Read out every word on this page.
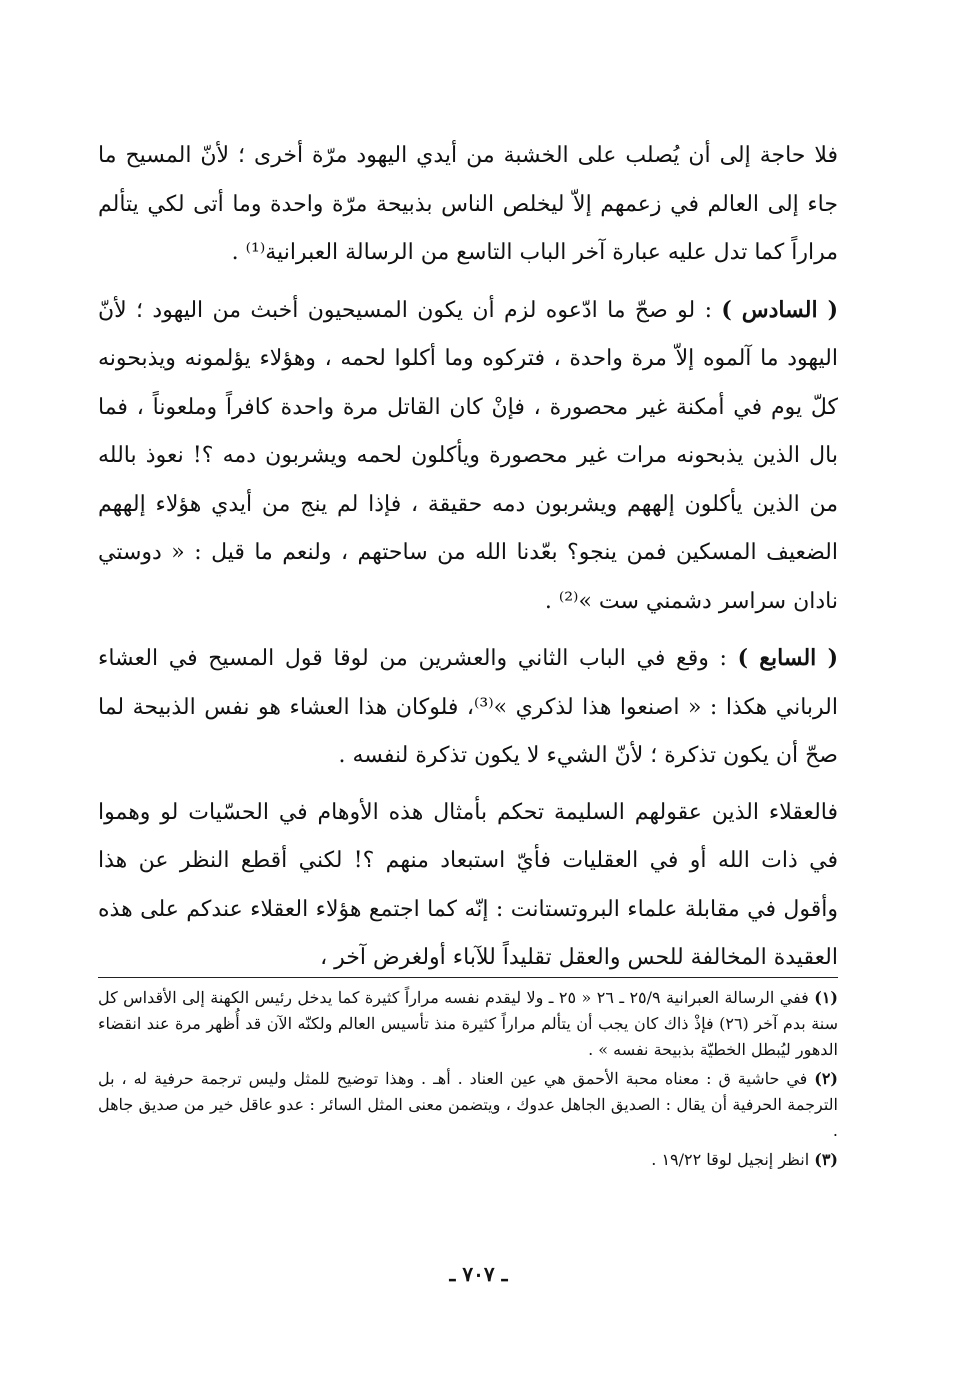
فلا حاجة إلى أن يُصلب على الخشبة من أيدي اليهود مرّة أخرى ؛ لأنّ المسيح ما جاء إلى العالم في زعمهم إلاّ ليخلص الناس بذبيحة مرّة واحدة وما أتى لكي يتألم مراراً كما تدل عليه عبارة آخر الباب التاسع من الرسالة العبرانية⁽¹⁾ .

( السادس ) : لو صحّ ما ادّعوه لزم أن يكون المسيحيون أخبث من اليهود ؛ لأنّ اليهود ما آلموه إلاّ مرة واحدة ، فتركوه وما أكلوا لحمه ، وهؤلاء يؤلمونه ويذبحونه كلّ يوم في أمكنة غير محصورة ، فإنْ كان القاتل مرة واحدة كافراً وملعوناً ، فما بال الذين يذبحونه مرات غير محصورة ويأكلون لحمه ويشربون دمه ؟! نعوذ بالله من الذين يأكلون إلههم ويشربون دمه حقيقة ، فإذا لم ينج من أيدي هؤلاء إلههم الضعيف المسكين فمن ينجو؟ بعّدنا الله من ساحتهم ، ولنعم ما قيل : « دوستي نادان سراسر دشمني ست »⁽²⁾ .

( السابع ) : وقع في الباب الثاني والعشرين من لوقا قول المسيح في العشاء الرباني هكذا : « اصنعوا هذا لذكري »⁽³⁾، فلوكان هذا العشاء هو نفس الذبيحة لما صحّ أن يكون تذكرة ؛ لأنّ الشيء لا يكون تذكرة لنفسه .

فالعقلاء الذين عقولهم السليمة تحكم بأمثال هذه الأوهام في الحسّيات لو وهموا في ذات الله أو في العقليات فأيّ استبعاد منهم ؟! لكني أقطع النظر عن هذا وأقول في مقابلة علماء البروتستانت : إنّه كما اجتمع هؤلاء العقلاء عندكم على هذه العقيدة المخالفة للحس والعقل تقليداً للآباء أولغرض آخر ،

(١) ففي الرسالة العبرانية ٢٥/٩ ـ ٢٦ « ٢٥ ـ ولا ليقدم نفسه مراراً كثيرة كما يدخل رئيس الكهنة إلى الأقداس كل سنة بدم آخر (٢٦) فإذْ ذاك كان يجب أن يتألم مراراً كثيرة منذ تأسيس العالم ولكنّه الآن قد أُظهر مرة عند انقضاء الدهور ليُبطل الخطيّة بذبيحة نفسه » .

(٢) في حاشية ق : معناه محبة الأحمق هي عين العناد . أهـ . وهذا توضيح للمثل وليس ترجمة حرفية له ، بل الترجمة الحرفية أن يقال : الصديق الجاهل عدوك ، ويتضمن معنى المثل السائر : عدو عاقل خير من صديق جاهل .

(٣) انظر إنجيل لوقا ١٩/٢٢ .

ـ ٧٠٧ ـ
